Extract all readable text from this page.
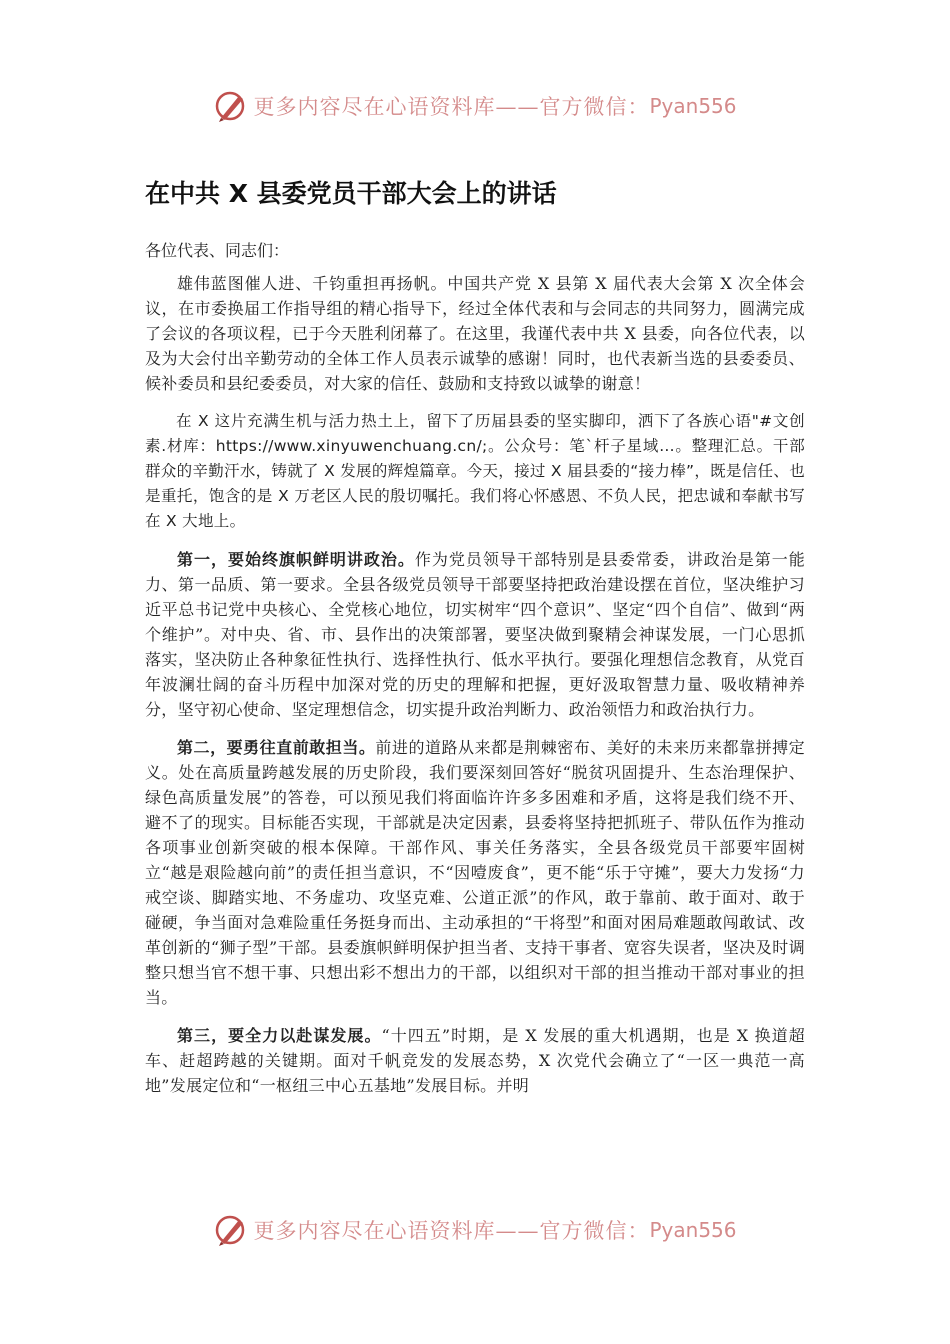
更多内容尽在心语资料库——官方微信： Pyan556
在中共 X 县委党员干部大会上的讲话

各位代表、同志们：

雄伟蓝图催人进、千钧重担再扬帆。中国共产党 X 县第 X 届代表大会第 X 次全体会议，在市委换届工作指导组的精心指导下，经过全体代表和与会同志的共同努力，圆满完成了会议的各项议程，已于今天胜利闭幕了。在这里，我谨代表中共 X 县委，向各位代表，以及为大会付出辛勤劳动的全体工作人员表示诚挚的感谢！同时，也代表新当选的县委委员、候补委员和县纪委委员，对大家的信任、鼓励和支持致以诚挚的谢意！

在 X 这片充满生机与活力热土上，留下了历届县委的坚实脚印，洒下了各族心语"#文创素.材库：https://www.xinyuwenchuang.cn/;。公众号：笔`杆子星域…。整理汇总。干部群众的辛勤汗水，铸就了 X 发展的辉煌篇章。今天，接过 X 届县委的“接力棒”，既是信任、也是重托，饱含的是 X 万老区人民的殷切嘱托。我们将心怀感恩、不负人民，把忠诚和奉献书写在 X 大地上。

第一，要始终旗帜鲜明讲政治。作为党员领导干部特别是县委常委，讲政治是第一能力、第一品质、第一要求。全县各级党员领导干部要坚持把政治建设摆在首位，坚决维护习近平总书记党中央核心、全党核心地位，切实树牢“四个意识”、坚定“四个自信”、做到“两个维护”。对中央、省、市、县作出的决策部署，要坚决做到聚精会神谋发展，一门心思抓落实，坚决防止各种象征性执行、选择性执行、低水平执行。要强化理想信念教育，从党百年波澜壮阔的奋斗历程中加深对党的历史的理解和把握，更好汲取智慧力量、吸收精神养分，坚守初心使命、坚定理想信念，切实提升政治判断力、政治领悟力和政治执行力。

第二，要勇往直前敢担当。前进的道路从来都是荆棘密布、美好的未来历来都靠拼搏定义。处在高质量跨越发展的历史阶段，我们要深刻回答好“脱贫巩固提升、生态治理保护、绿色高质量发展”的答卷，可以预见我们将面临许许多多困难和矛盾，这将是我们绕不开、避不了的现实。目标能否实现，干部就是决定因素，县委将坚持把抓班子、带队伍作为推动各项事业创新突破的根本保障。干部作风、事关任务落实，全县各级党员干部要牢固树立“越是艰险越向前”的责任担当意识，不“因噎废食”，更不能“乐于守摊”，要大力发扬“力戒空谈、脚踏实地、不务虚功、攻坚克难、公道正派”的作风，敢于靠前、敢于面对、敢于碰硬，争当面对急难险重任务挺身而出、主动承担的“干将型”和面对困局难题敢闯敢试、改革创新的“狮子型”干部。县委旗帜鲜明保护担当者、支持干事者、宽容失误者，坚决及时调整只想当官不想干事、只想出彩不想出力的干部，以组织对干部的担当推动干部对事业的担当。

第三，要全力以赴谋发展。“十四五”时期，是 X 发展的重大机遇期，也是 X 换道超车、赶超跨越的关键期。面对千帆竞发的发展态势，X 次党代会确立了“一区一典范一高地”发展定位和“一枢纽三中心五基地”发展目标。并明

更多内容尽在心语资料库——官方微信： Pyan556
